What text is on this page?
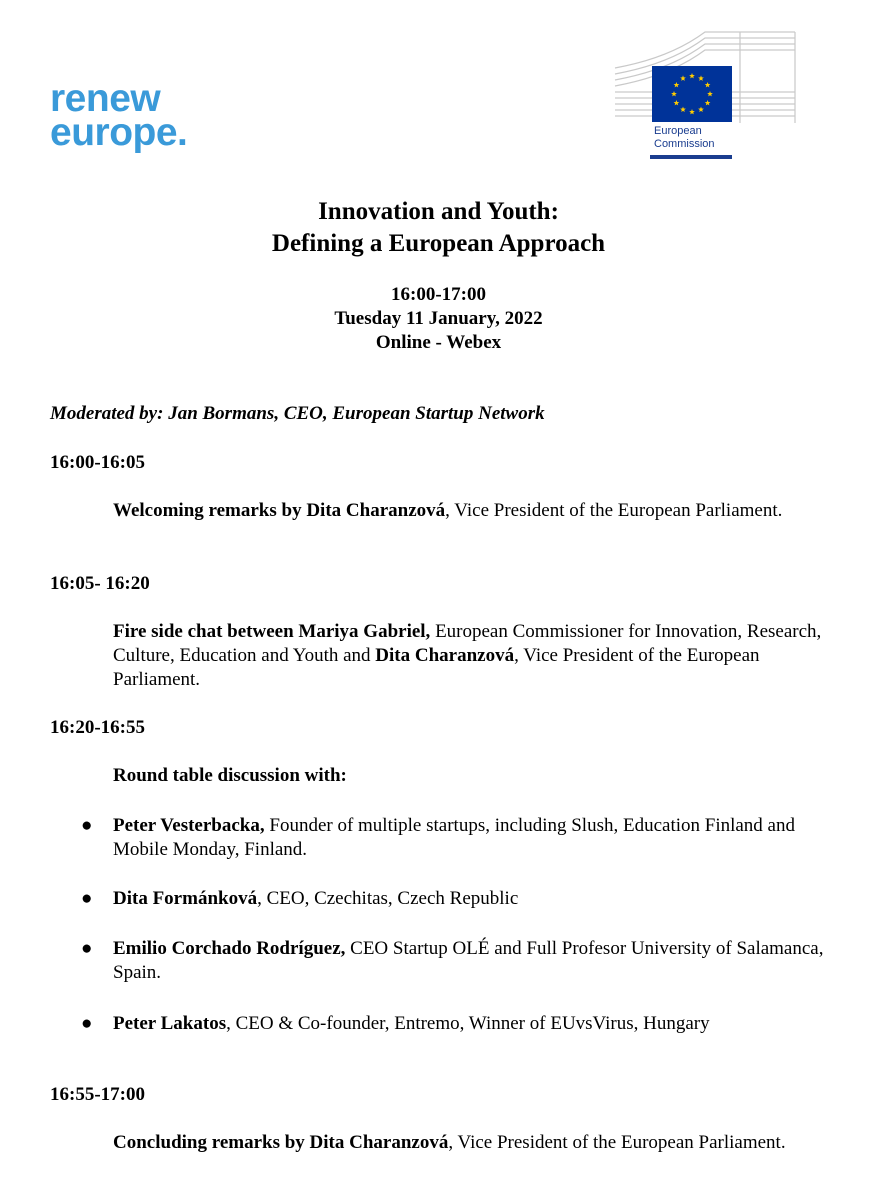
renew
europe.	European
Commission
Innovation and Youth:
Defining a European Approach
16:00-17:00
Tuesday 11 January, 2022
Online - Webex
Moderated by: Jan Bormans, CEO, European Startup Network
16:00-16:05
Welcoming remarks by Dita Charanzová, Vice President of the European Parliament.
16:05- 16:20
Fire side chat between Mariya Gabriel, European Commissioner for Innovation, Research, Culture, Education and Youth and Dita Charanzová, Vice President of the European Parliament.
16:20-16:55
Round table discussion with:
● Peter Vesterbacka, Founder of multiple startups, including Slush, Education Finland and Mobile Monday, Finland.
● Dita Formánková, CEO, Czechitas, Czech Republic
● Emilio Corchado Rodríguez, CEO Startup OLÉ and Full Profesor University of Salamanca, Spain.
● Peter Lakatos, CEO & Co-founder, Entremo, Winner of EUvsVirus, Hungary
16:55-17:00
Concluding remarks by Dita Charanzová, Vice President of the European Parliament.
